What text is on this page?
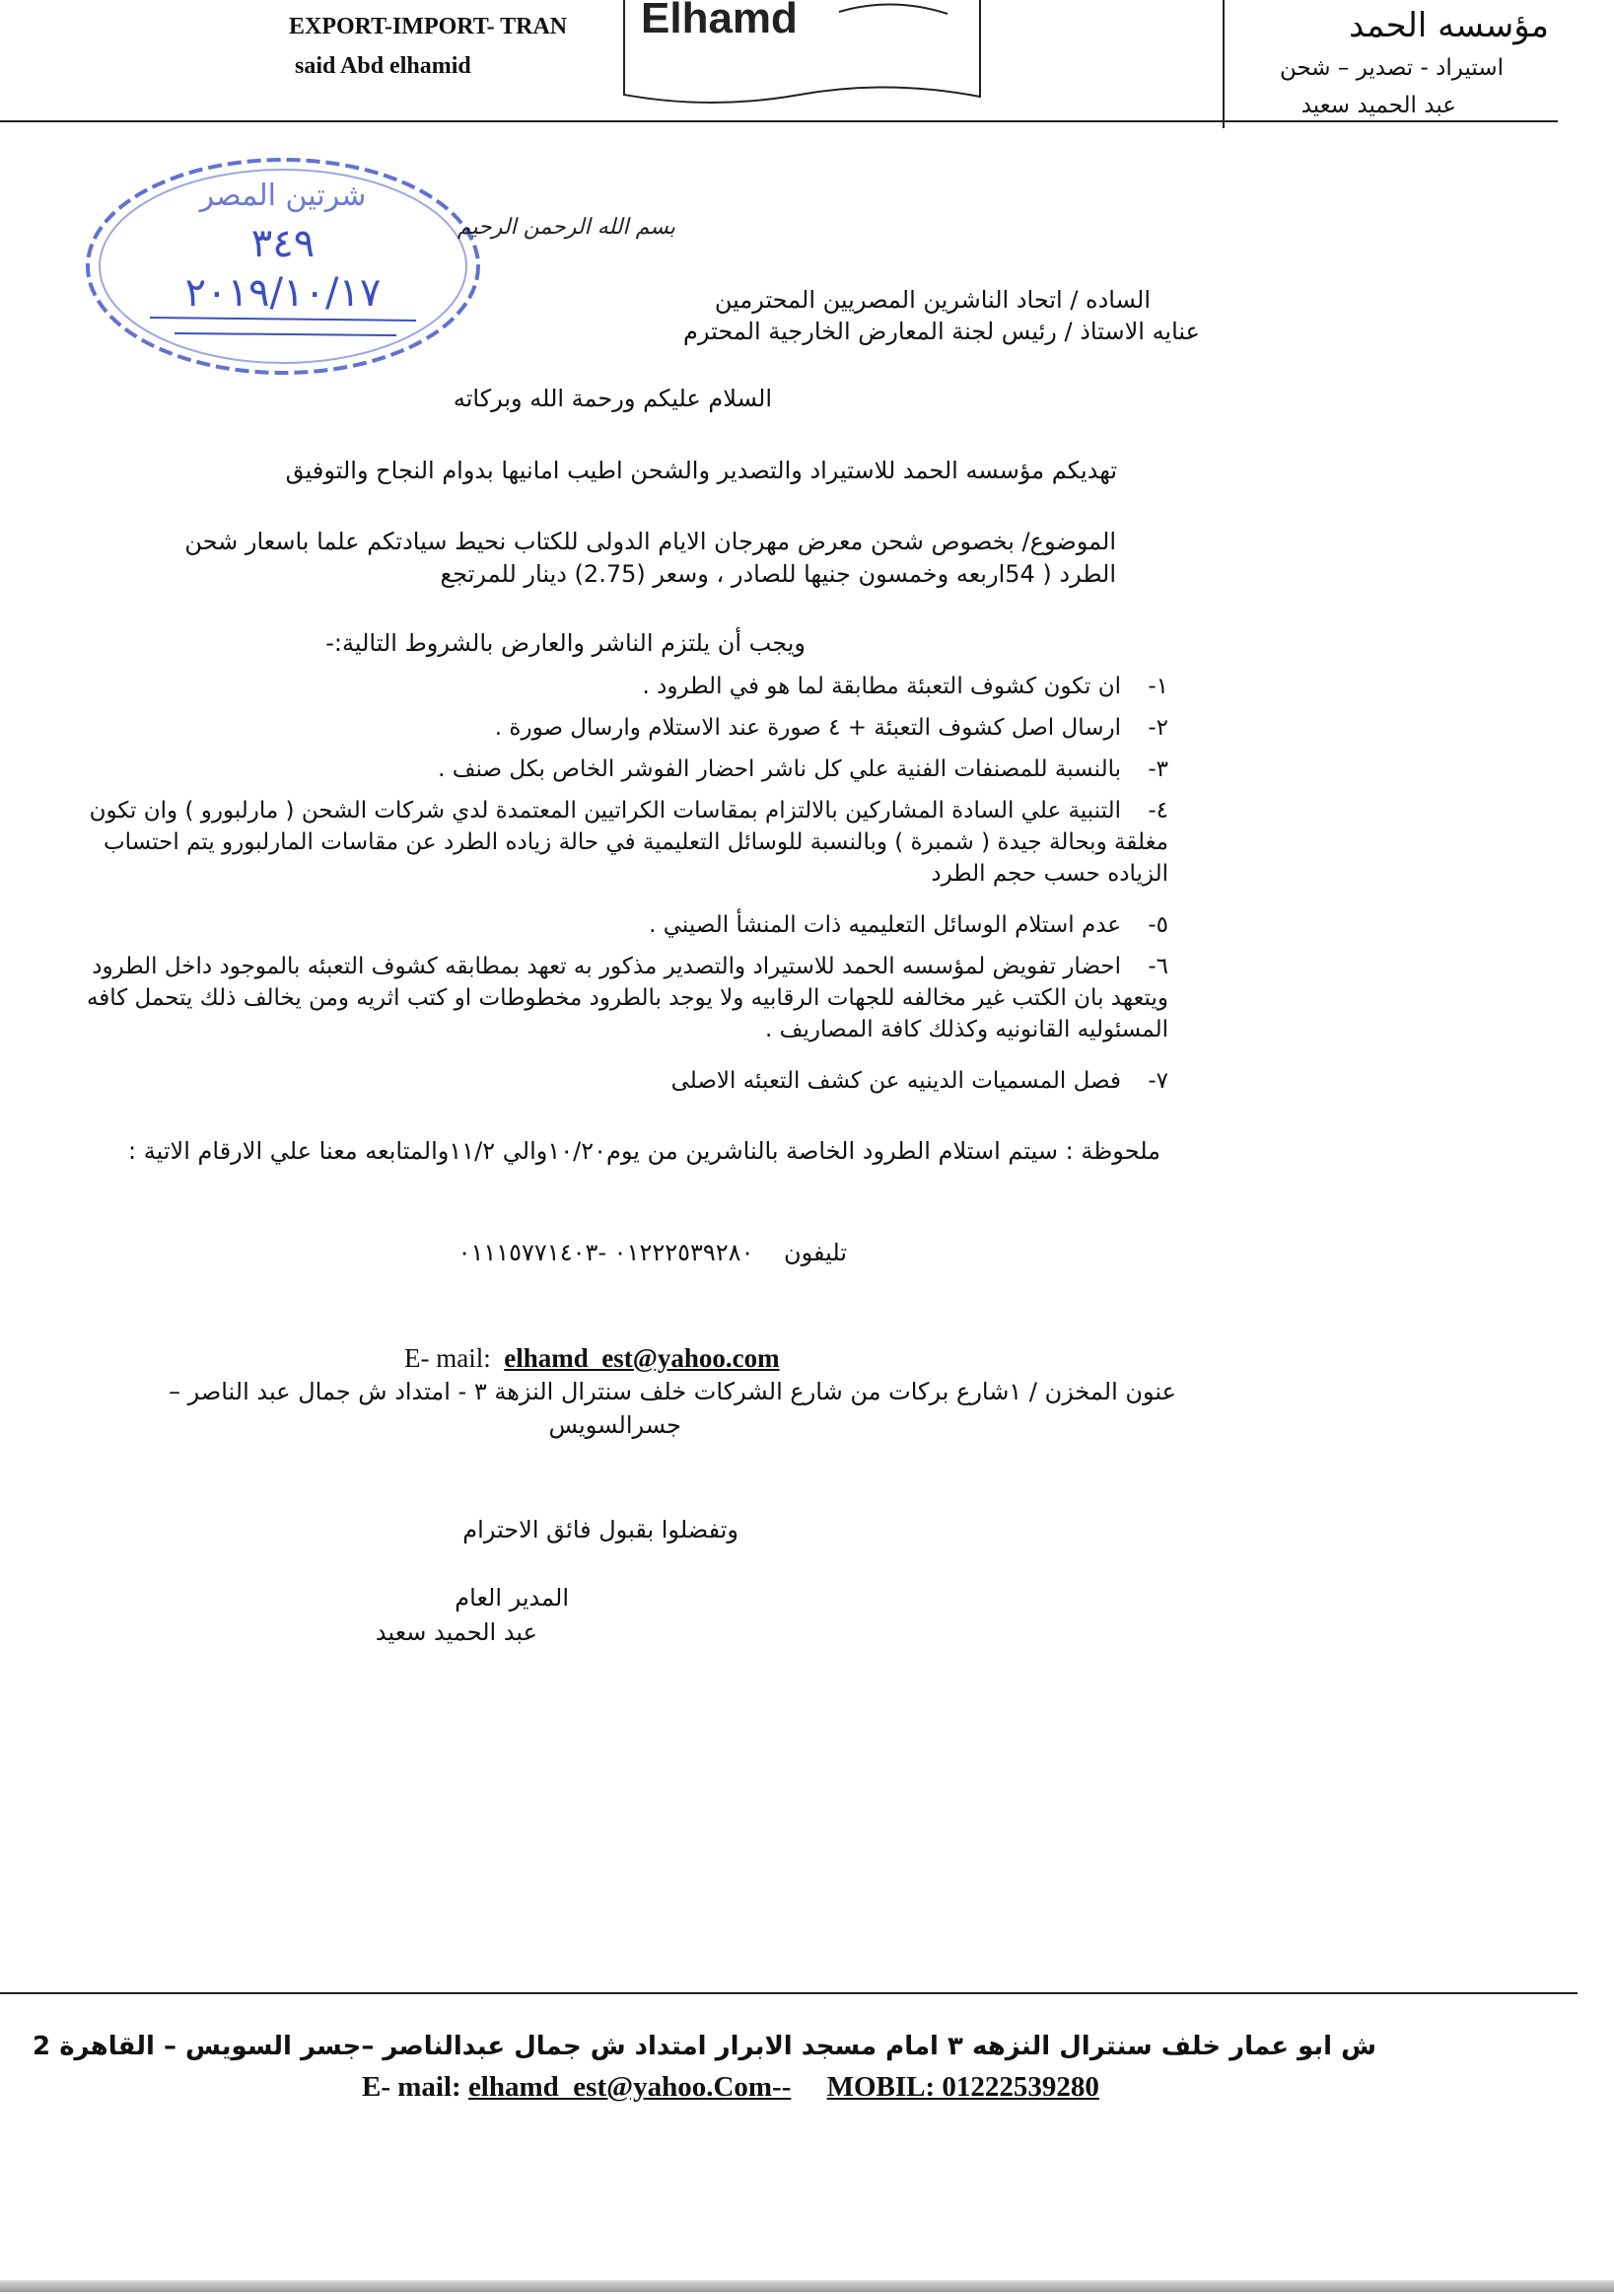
EXPORT-IMPORT- TRAN
said Abd elhamid
Elhamd	مؤسسه الحمد
استيراد - تصدير – شحن
عبد الحميد سعيد
شرتين المصر
٣٤٩
٢٠١٩/١٠/١٧
بسم الله الرحمن الرحيم
الساده / اتحاد الناشرين المصريين المحترمين
عنايه الاستاذ / رئيس لجنة المعارض الخارجية المحترم
السلام عليكم ورحمة الله وبركاته
تهديكم مؤسسه الحمد للاستيراد والتصدير والشحن اطيب امانيها بدوام النجاح والتوفيق
الموضوع/ بخصوص شحن معرض مهرجان الايام الدولى للكتاب نحيط سيادتكم علما باسعار شحن
الطرد ( 54اربعه وخمسون جنيها للصادر ، وسعر (2.75) دينار للمرتجع
ويجب أن يلتزم الناشر والعارض بالشروط التالية:-
١-ان تكون كشوف التعبئة مطابقة لما هو في الطرود .
٢-ارسال اصل كشوف التعبئة + ٤ صورة عند الاستلام وارسال صورة .
٣-بالنسبة للمصنفات الفنية علي كل ناشر احضار الفوشر الخاص بكل صنف .
٤-التنبية علي السادة المشاركين بالالتزام بمقاسات الكراتيين المعتمدة لدي شركات الشحن ( مارلبورو ) وان تكون مغلقة وبحالة جيدة ( شمبرة ) وبالنسبة للوسائل التعليمية في حالة زياده الطرد عن مقاسات المارلبورو يتم احتساب الزياده حسب حجم الطرد
٥-عدم استلام الوسائل التعليميه ذات المنشأ الصيني .
٦-احضار تفويض لمؤسسه الحمد للاستيراد والتصدير مذكور به تعهد بمطابقه كشوف التعبئه بالموجود داخل الطرود ويتعهد بان الكتب غير مخالفه للجهات الرقابيه ولا يوجد بالطرود مخطوطات او كتب اثريه ومن يخالف ذلك يتحمل كافه المسئوليه القانونيه وكذلك كافة المصاريف .
٧-فصل المسميات الدينيه عن كشف التعبئه الاصلى
ملحوظة : سيتم استلام الطرود الخاصة بالناشرين من يوم١٠/٢٠والي ١١/٢والمتابعه معنا علي الارقام الاتية :
تليفون    ٠١٢٢٢٥٣٩٢٨٠ -٠١١١٥٧٧١٤٠٣
E- mail: elhamd_est@yahoo.com
عنون المخزن / ١شارع بركات من شارع الشركات خلف سنترال النزهة ٣ - امتداد ش جمال عبد الناصر –
جسرالسويس
وتفضلوا بقبول فائق الاحترام
المدير العام
عبد الحميد سعيد
ش ابو عمار خلف سنترال النزهه ٣ امام مسجد الابرار امتداد ش جمال عبدالناصر –جسر السويس – القاهرة 2
E- mail: elhamd_est@yahoo.Com-- MOBIL: 01222539280
